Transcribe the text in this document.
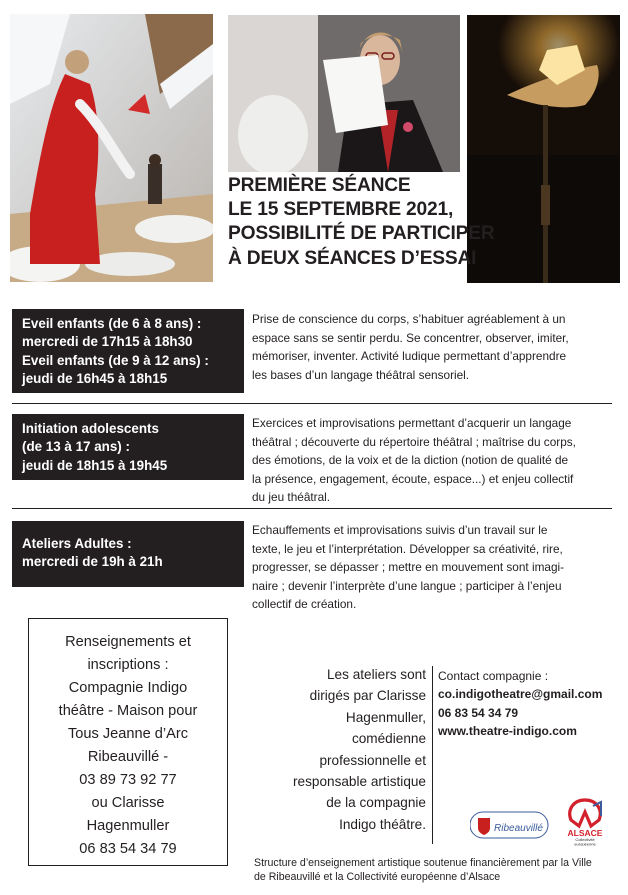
PREMIÈRE SÉANCE
LE 15 SEPTEMBRE 2021,
POSSIBILITÉ DE PARTICIPER
À DEUX SÉANCES D’ESSAI
Eveil enfants (de 6 à 8 ans) :
mercredi de 17h15 à 18h30
Eveil enfants (de 9 à 12 ans) :
jeudi de 16h45 à 18h15
Prise de conscience du corps, s’habituer agréablement à un
espace sans se sentir perdu. Se concentrer, observer, imiter,
mémoriser, inventer. Activité ludique permettant d’apprendre
les bases d’un langage théâtral sensoriel.
Initiation adolescents
(de 13 à 17 ans) :
jeudi de 18h15 à 19h45
Exercices et improvisations permettant d’acquerir un langage
théâtral ; découverte du répertoire théâtral ; maîtrise du corps,
des émotions, de la voix et de la diction (notion de qualité de
la présence, engagement, écoute, espace...) et enjeu collectif
du jeu théâtral.
Ateliers Adultes :
mercredi de 19h à 21h
Echauffements et improvisations suivis d’un travail sur le
texte, le jeu et l’interprétation. Développer sa créativité, rire,
progresser, se dépasser ; mettre en mouvement sont imagi-
naire ; devenir l’interprète d’une langue ; participer à l’enjeu
collectif de création.
Renseignements et
inscriptions :
Compagnie Indigo
théâtre - Maison pour
Tous Jeanne d’Arc
Ribeauvillé -
03 89 73 92 77
ou Clarisse
Hagenmuller
06 83 54 34 79
Les ateliers sont
dirigés par Clarisse
Hagenmuller,
comédienne
professionnelle et
responsable artistique
de la compagnie
Indigo théâtre.
Contact compagnie :
co.indigotheatre@gmail.com
06 83 54 34 79
www.theatre-indigo.com
Ribeauvillé	ALSACE
Collectivité
européenne
Structure d’enseignement artistique soutenue financièrement par la Ville
de Ribeauvillé et la Collectivité européenne d’Alsace
